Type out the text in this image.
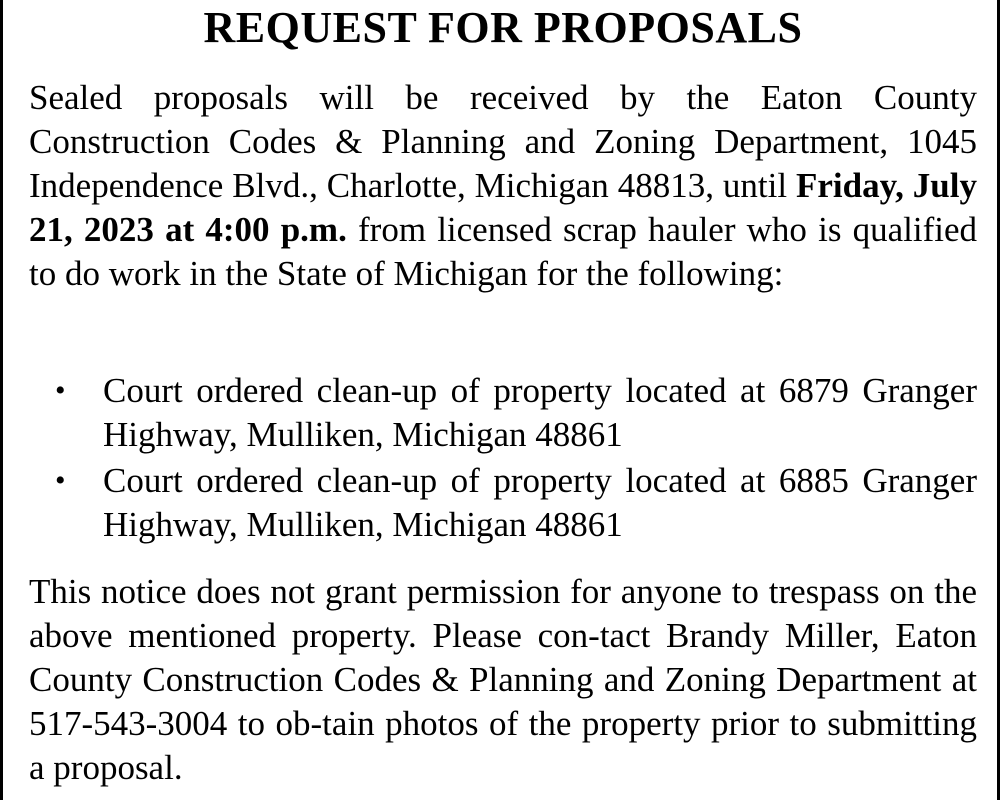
REQUEST FOR PROPOSALS

Sealed proposals will be received by the Eaton County Construction Codes & Planning and Zoning Department, 1045 Independence Blvd., Charlotte, Michigan 48813, until Friday, July 21, 2023 at 4:00 p.m. from licensed scrap hauler who is qualified to do work in the State of Michigan for the following:

• Court ordered clean-up of property located at 6879 Granger Highway, Mulliken, Michigan 48861
• Court ordered clean-up of property located at 6885 Granger Highway, Mulliken, Michigan 48861

This notice does not grant permission for anyone to trespass on the above mentioned property. Please con-tact Brandy Miller, Eaton County Construction Codes & Planning and Zoning Department at 517-543-3004 to ob-tain photos of the property prior to submitting a proposal.
